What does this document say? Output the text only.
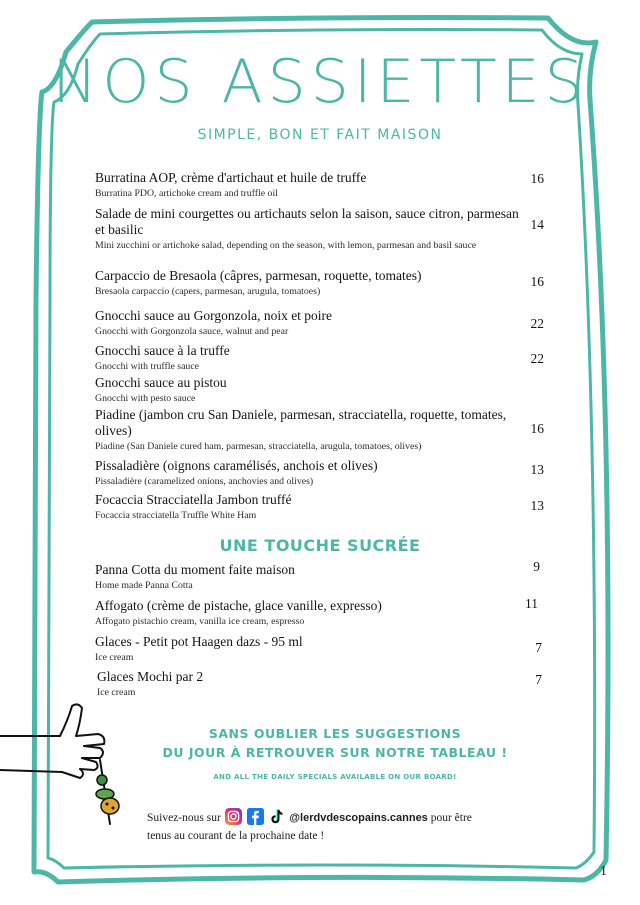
NOS ASSIETTES
SIMPLE, BON ET FAIT MAISON
Burratina AOP, crème d'artichaut et huile de truffe
Burratina PDO, artichoke cream and truffle oil
16
Salade de mini courgettes ou artichauts selon la saison, sauce citron, parmesan et basilic
Mini zucchini or artichoke salad, depending on the season, with lemon, parmesan and basil sauce
14
Carpaccio de Bresaola (câpres, parmesan, roquette, tomates)
Bresaola carpaccio (capers, parmesan, arugula, tomatoes)
16
Gnocchi sauce au Gorgonzola, noix et poire
Gnocchi with Gorgonzola sauce, walnut and pear
22
Gnocchi sauce à la truffe
Gnocchi with truffle sauce
22
Gnocchi sauce au pistou
Gnocchi with pesto sauce
Piadine (jambon cru San Daniele, parmesan, stracciatella, roquette, tomates, olives)
Piadine (San Daniele cured ham, parmesan, stracciatella, arugula, tomatoes, olives)
16
Pissaladière (oignons caramélisés, anchois et olives)
Pissaladière (caramelized onions, anchovies and olives)
13
Focaccia Stracciatella Jambon truffé
Focaccia stracciatella Truffle White Ham
13
UNE TOUCHE SUCRÉE
Panna Cotta du moment faite maison
Home made Panna Cotta
9
Affogato (crème de pistache, glace vanille, expresso)
Affogato pistachio cream, vanilla ice cream, espresso
11
Glaces - Petit pot Haagen dazs - 95 ml
Ice cream
7
Glaces Mochi par 2
Ice cream
7
SANS OUBLIER LES SUGGESTIONS
DU JOUR À RETROUVER SUR NOTRE TABLEAU !
AND ALL THE DAILY SPECIALS AVAILABLE ON OUR BOARD!
Suivez-nous sur	@lerdvdescopains.cannes pour être
tenus au courant de la prochaine date !
1
